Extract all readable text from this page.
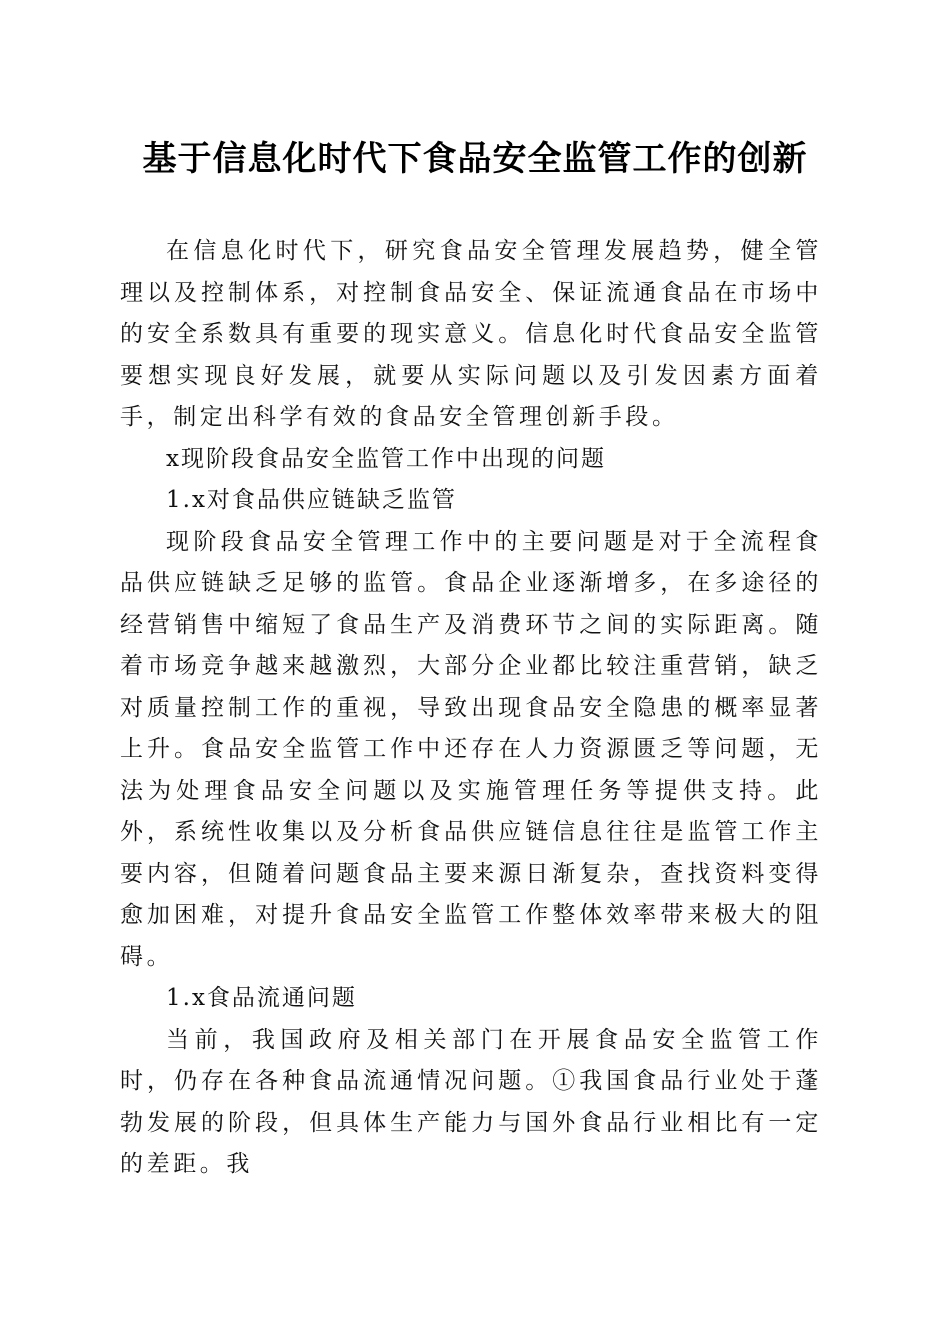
基于信息化时代下食品安全监管工作的创新

在信息化时代下，研究食品安全管理发展趋势，健全管理以及控制体系，对控制食品安全、保证流通食品在市场中的安全系数具有重要的现实意义。信息化时代食品安全监管要想实现良好发展，就要从实际问题以及引发因素方面着手，制定出科学有效的食品安全管理创新手段。

x现阶段食品安全监管工作中出现的问题

1.x对食品供应链缺乏监管

现阶段食品安全管理工作中的主要问题是对于全流程食品供应链缺乏足够的监管。食品企业逐渐增多，在多途径的经营销售中缩短了食品生产及消费环节之间的实际距离。随着市场竞争越来越激烈，大部分企业都比较注重营销，缺乏对质量控制工作的重视，导致出现食品安全隐患的概率显著上升。食品安全监管工作中还存在人力资源匮乏等问题，无法为处理食品安全问题以及实施管理任务等提供支持。此外，系统性收集以及分析食品供应链信息往往是监管工作主要内容，但随着问题食品主要来源日渐复杂，查找资料变得愈加困难，对提升食品安全监管工作整体效率带来极大的阻碍。

1.x食品流通问题

当前，我国政府及相关部门在开展食品安全监管工作时，仍存在各种食品流通情况问题。①我国食品行业处于蓬勃发展的阶段，但具体生产能力与国外食品行业相比有一定的差距。我
